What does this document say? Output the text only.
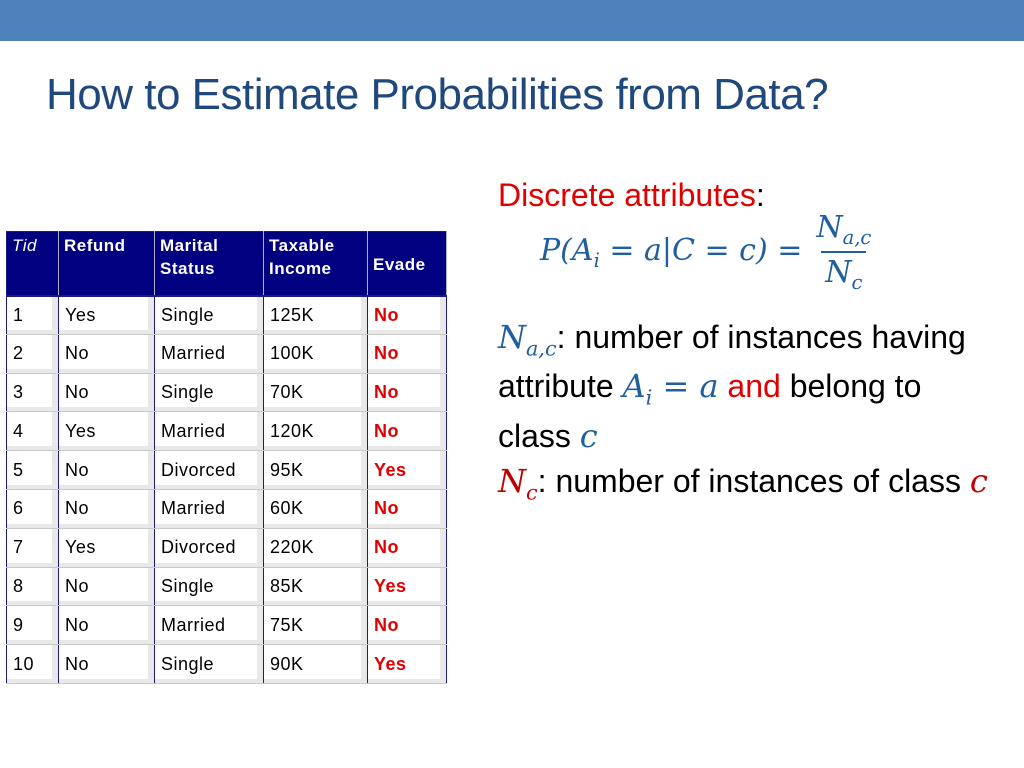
How to Estimate Probabilities from Data?
Tid	Refund	Marital Status	Taxable Income	Evade

1	Yes	Single	125K	No
2	No	Married	100K	No
3	No	Single	70K	No
4	Yes	Married	120K	No
5	No	Divorced	95K	Yes
6	No	Married	60K	No
7	Yes	Divorced	220K	No
8	No	Single	85K	Yes
9	No	Married	75K	No
10	No	Single	90K	Yes
Discrete attributes:
$P(A_i = a|C = c) = \frac{N_{a,c}}{N_c}$
$N_{a,c}$: number of instances having attribute $A_i = a$ and belong to class c
$N_c$: number of instances of class c
